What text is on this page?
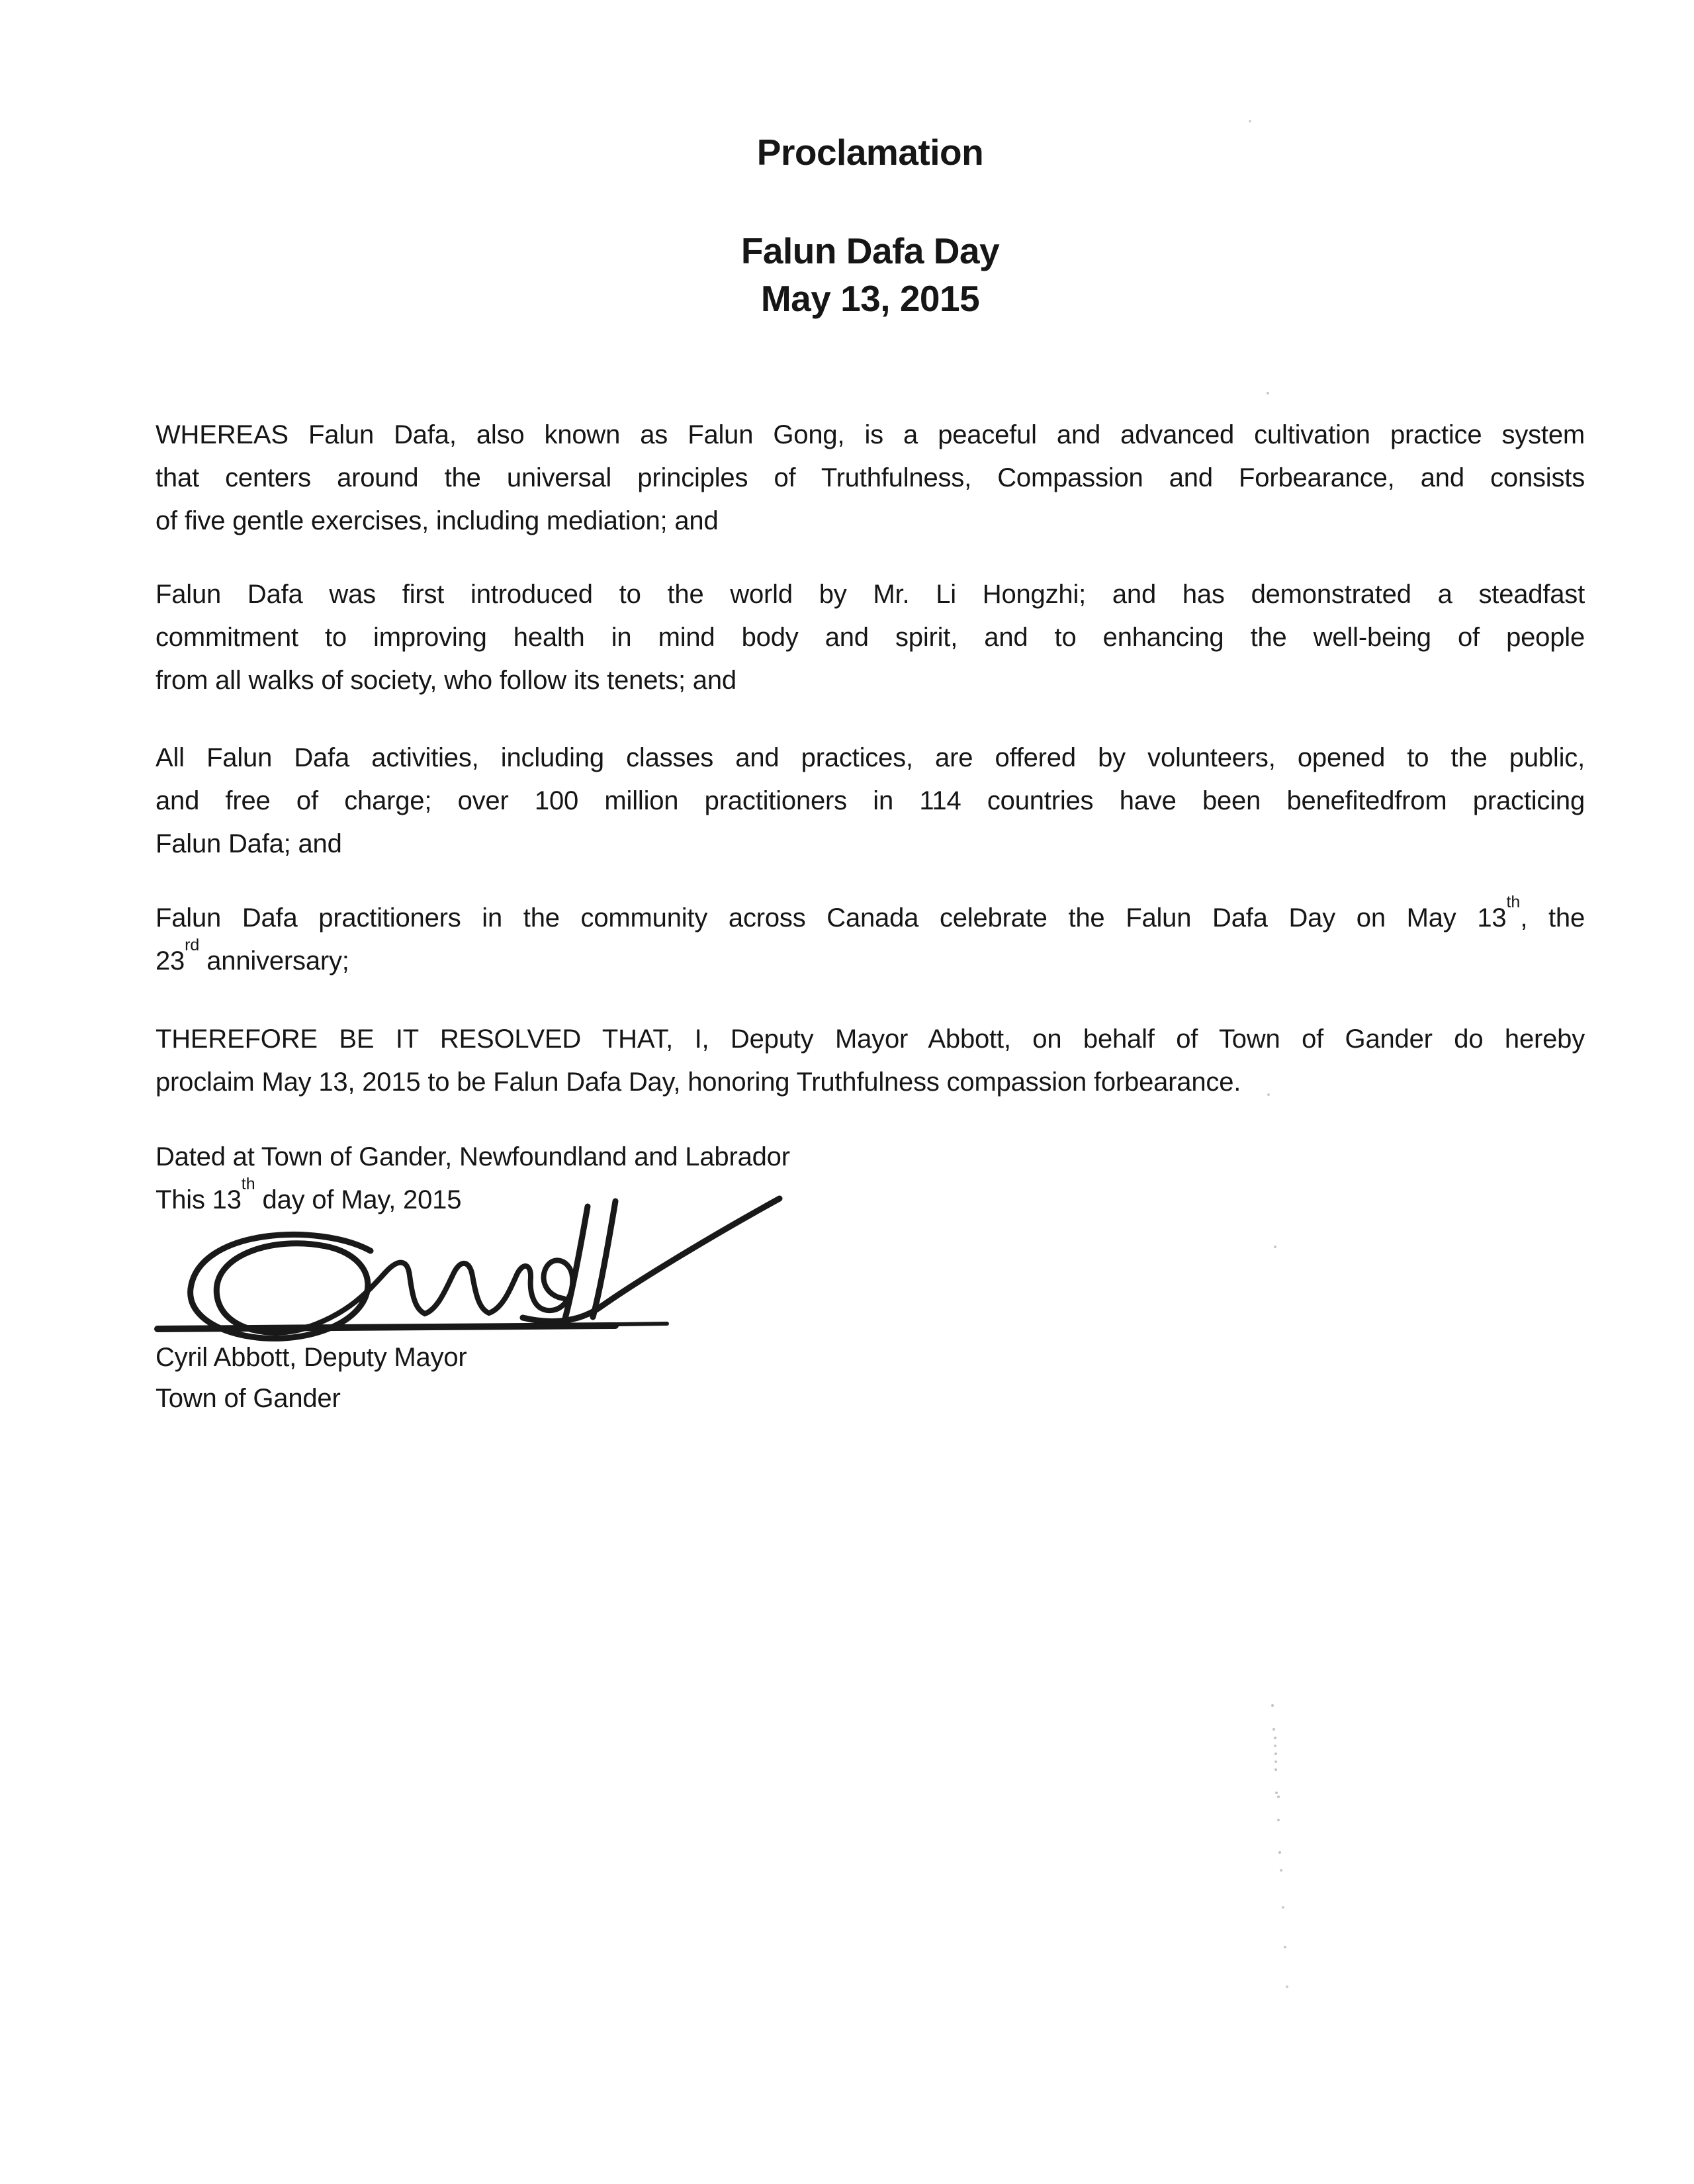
Proclamation
Falun Dafa Day
May 13, 2015
WHEREAS Falun Dafa, also known as Falun Gong, is a peaceful and advanced cultivation practice system
that centers around the universal principles of Truthfulness, Compassion and Forbearance, and consists
of five gentle exercises, including mediation; and
Falun Dafa was first introduced to the world by Mr. Li Hongzhi; and has demonstrated a steadfast
commitment to improving health in mind body and spirit, and to enhancing the well-being of people
from all walks of society, who follow its tenets; and
All Falun Dafa activities, including classes and practices, are offered by volunteers, opened to the public,
and free of charge; over 100 million practitioners in 114 countries have been benefitedfrom practicing
Falun Dafa; and
Falun Dafa practitioners in the community across Canada celebrate the Falun Dafa Day on May 13th, the
23rd anniversary;
THEREFORE BE IT RESOLVED THAT, I, Deputy Mayor Abbott, on behalf of Town of Gander do hereby
proclaim May 13, 2015 to be Falun Dafa Day, honoring Truthfulness compassion forbearance.
Dated at Town of Gander, Newfoundland and Labrador
This 13th day of May, 2015
Cyril Abbott, Deputy Mayor
Town of Gander
